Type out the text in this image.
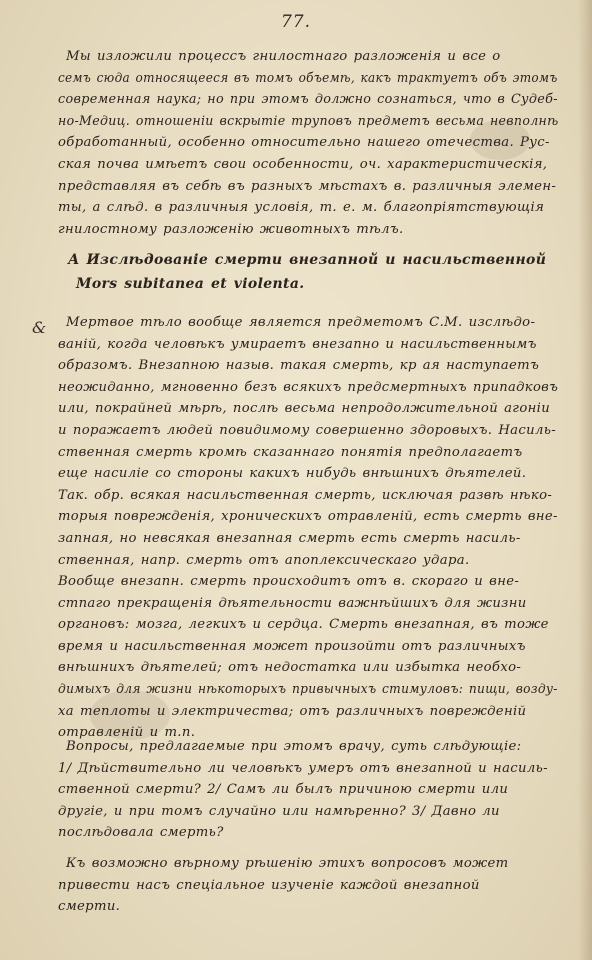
77.
Мы изложили процессъ гнилостнаго разложенія и все о
семъ сюда относящееся въ томъ объемѣ, какъ трактуетъ объ этомъ
современная наука; но при этомъ должно сознаться, что в Судеб-
но-Медиц. отношеніи вскрытіе труповъ предметъ весьма невполнѣ
обработанный, особенно относительно нашего отечества. Рус-
ская почва имѣетъ свои особенности, оч. характеристическія,
представляя въ себѣ въ разныхъ мѣстахъ в. различныя элемен-
ты, а слѣд. в различныя условія, т. е. м. благопріятствующія
гнилостному разложенію животныхъ тѣлъ.
А Изслѣдованіе смерти внезапной и насильственной
Mors subitanea et violenta.
&	Мертвое тѣло вообще является предметомъ С.М. изслѣдо-
ваній, когда человѣкъ умираетъ внезапно и насильственнымъ
образомъ. Внезапною назыв. такая смерть, кр ая наступаетъ
неожиданно, мгновенно безъ всякихъ предсмертныхъ припадковъ
или, покрайней мѣрѣ, послѣ весьма непродолжительной агоніи
и поражаетъ людей повидимому совершенно здоровыхъ. Насиль-
ственная смерть кромѣ сказаннаго понятія предполагаетъ
еще насиліе со стороны какихъ нибудь внѣшнихъ дѣятелей.
Так. обр. всякая насильственная смерть, исключая развѣ нѣко-
торыя поврежденія, хроническихъ отравленій, есть смерть вне-
запная, но невсякая внезапная смерть есть смерть насиль-
ственная, напр. смерть отъ апоплексическаго удара.
Вообще внезапн. смерть происходитъ отъ в. скораго и вне-
стпаго прекращенія дѣятельности важнѣйшихъ для жизни
органовъ: мозга, легкихъ и сердца. Смерть внезапная, въ тоже
время и насильственная может произойти отъ различныхъ
внѣшнихъ дѣятелей; отъ недостатка или избытка необхо-
димыхъ для жизни нѣкоторыхъ привычныхъ стимуловъ: пищи, возду-
ха теплоты и электричества; отъ различныхъ поврежденій
отравленій и т.п.
Вопросы, предлагаемые при этомъ врачу, суть слѣдующіе:
1/ Дѣйствительно ли человѣкъ умеръ отъ внезапной и насиль-
ственной смерти? 2/ Самъ ли былъ причиною смерти или
другіе, и при томъ случайно или намѣренно? 3/ Давно ли
послѣдовала смерть?
Къ возможно вѣрному рѣшенію этихъ вопросовъ может
привести насъ спеціальное изученіе каждой внезапной
смерти.
